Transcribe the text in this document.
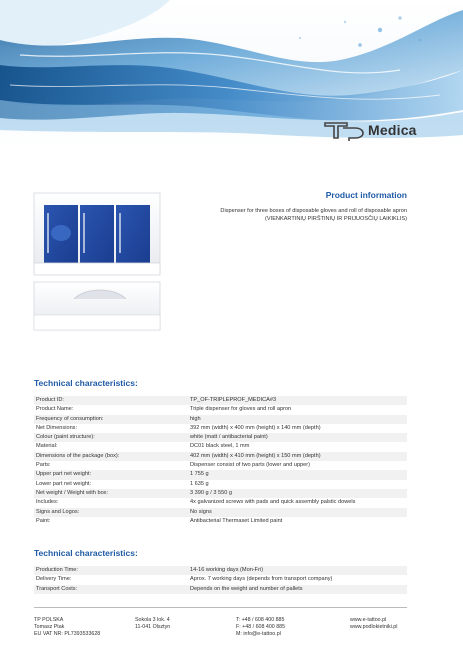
Medica
Product information
Dispenser for three boxes of disposable gloves and roll of disposable apron
(VIENKARTINIŲ PIRŠTINIŲ IR PRIJUOSČIŲ LAIKIKLIS)
Technical characteristics:
Product ID:	TP_OF-TRIPLEPROF_MEDICA#3
Product Name:	Triple dispenser for gloves and roll apron
Frequency of consumption:	high
Net Dimensions:	392 mm (width) x 400 mm (height) x 140 mm (depth)
Colour (paint structure):	white (matt / antibacterial paint)
Material:	DC01 black steel, 1 mm
Dimensions of the package (box):	402 mm (width) x 410 mm (height) x 150 mm (depth)
Parts:	Dispenser consist of two parts (lower and upper)
Upper part net weight:	1 755 g
Lower part net weight:	1 635 g
Net weight / Weight with box:	3 390 g / 3 550 g
Includes:	4x galvanized screws with pads and quick assembly palstic dowels
Signs and Logos:	No signs
Paint:	Antibacterial Thermaset Limited paint
Technical characteristics:
Production Time:	14-16 working days (Mon-Fri)
Delivery Time:	Aprox. 7 working days (depends from transport company)
Transport Costs:	Depends on the weight and number of pallets
TP POLSKA
Tomasz Ptak
EU VAT NR: PL7393533628
Sokola 3 lok. 4
11-041 Olsztyn
T: +48 / 608 400 885
F: +48 / 608 400 885
M: info@e-tattoo.pl
www.e-tattoo.pl
www.podlokietniki.pl
